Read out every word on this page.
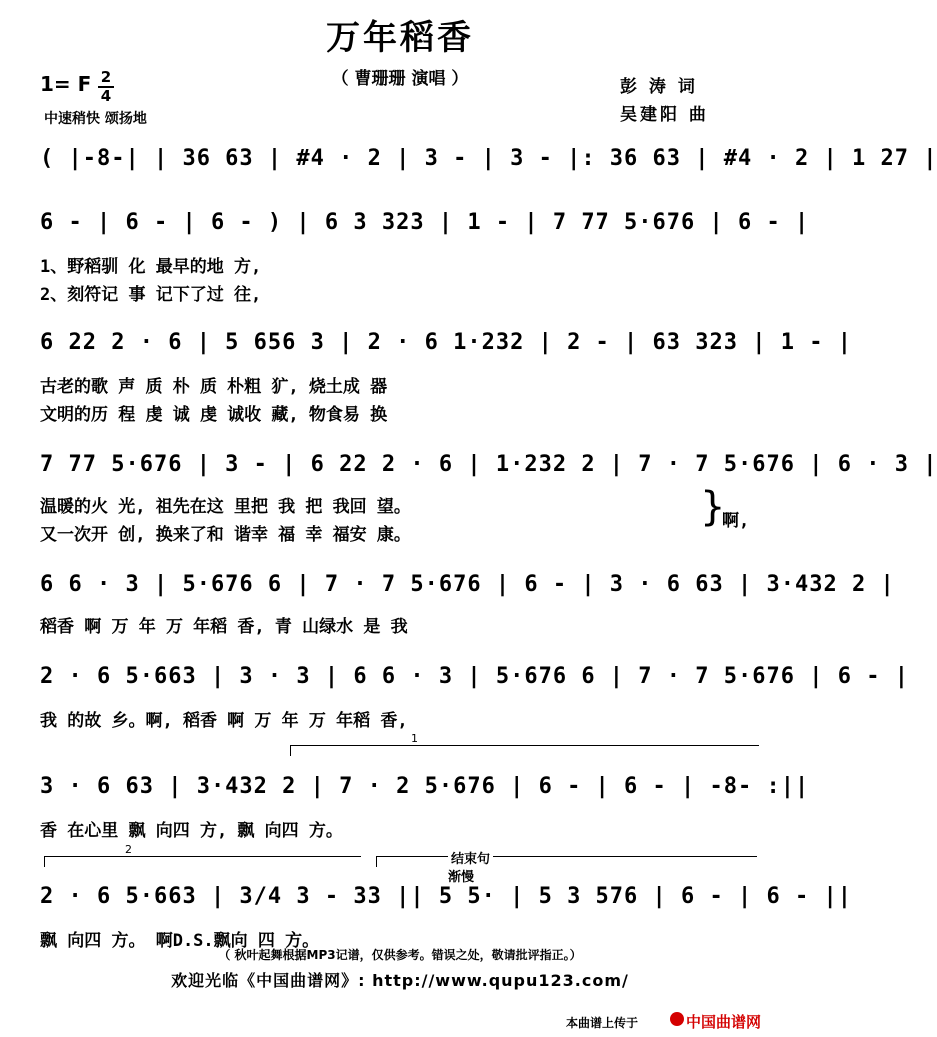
万年稻香
（ 曹珊珊 演唱 ）
1= F 2
4
中速稍快 颂扬地
彭 涛 词
吴建阳 曲
( |-8-| | 36 63 | #4 · 2 | 3 - | 3 - |: 36 63 | #4 · 2 | 1 27 |
6 - | 6 - | 6 - ) | 6 3 323 | 1 - | 7 77 5·676 | 6 - |
1、野稻驯 化 最早的地 方,
2、刻符记 事 记下了过 往,
6 22 2 · 6 | 5 656 3 | 2 · 6 1·232 | 2 - | 63 323 | 1 - |
古老的歌 声 质 朴 质 朴粗 犷, 烧土成 器
文明的历 程 虔 诚 虔 诚收 藏, 物食易 换
7 77 5·676 | 3 - | 6 22 2 · 6 | 1·232 2 | 7 · 7 5·676 | 6 · 3 |
温暖的火 光, 祖先在这 里把 我 把 我回 望。
又一次开 创, 换来了和 谐幸 福 幸 福安 康。
}
啊,
6 6 · 3 | 5·676 6 | 7 · 7 5·676 | 6 - | 3 · 6 63 | 3·432 2 |
稻香 啊 万 年 万 年稻 香, 青 山绿水 是 我
2 · 6 5·663 | 3 · 3 | 6 6 · 3 | 5·676 6 | 7 · 7 5·676 | 6 - |
我 的故 乡。啊, 稻香 啊 万 年 万 年稻 香,
1
3 · 6 63 | 3·432 2 | 7 · 2 5·676 | 6 - | 6 - | -8- :||
香 在心里 飘 向四 方, 飘 向四 方。
2
结束句
渐慢
2 · 6 5·663 | 3/4 3 - 33 || 5 5· | 5 3 576 | 6 - | 6 - ||
飘 向四 方。 啊D.S.飘向 四 方。
（ 秋叶起舞根据MP3记谱，仅供参考。错误之处，敬请批评指正。）
欢迎光临《中国曲谱网》: http://www.qupu123.com/
本曲谱上传于	中国曲谱网
